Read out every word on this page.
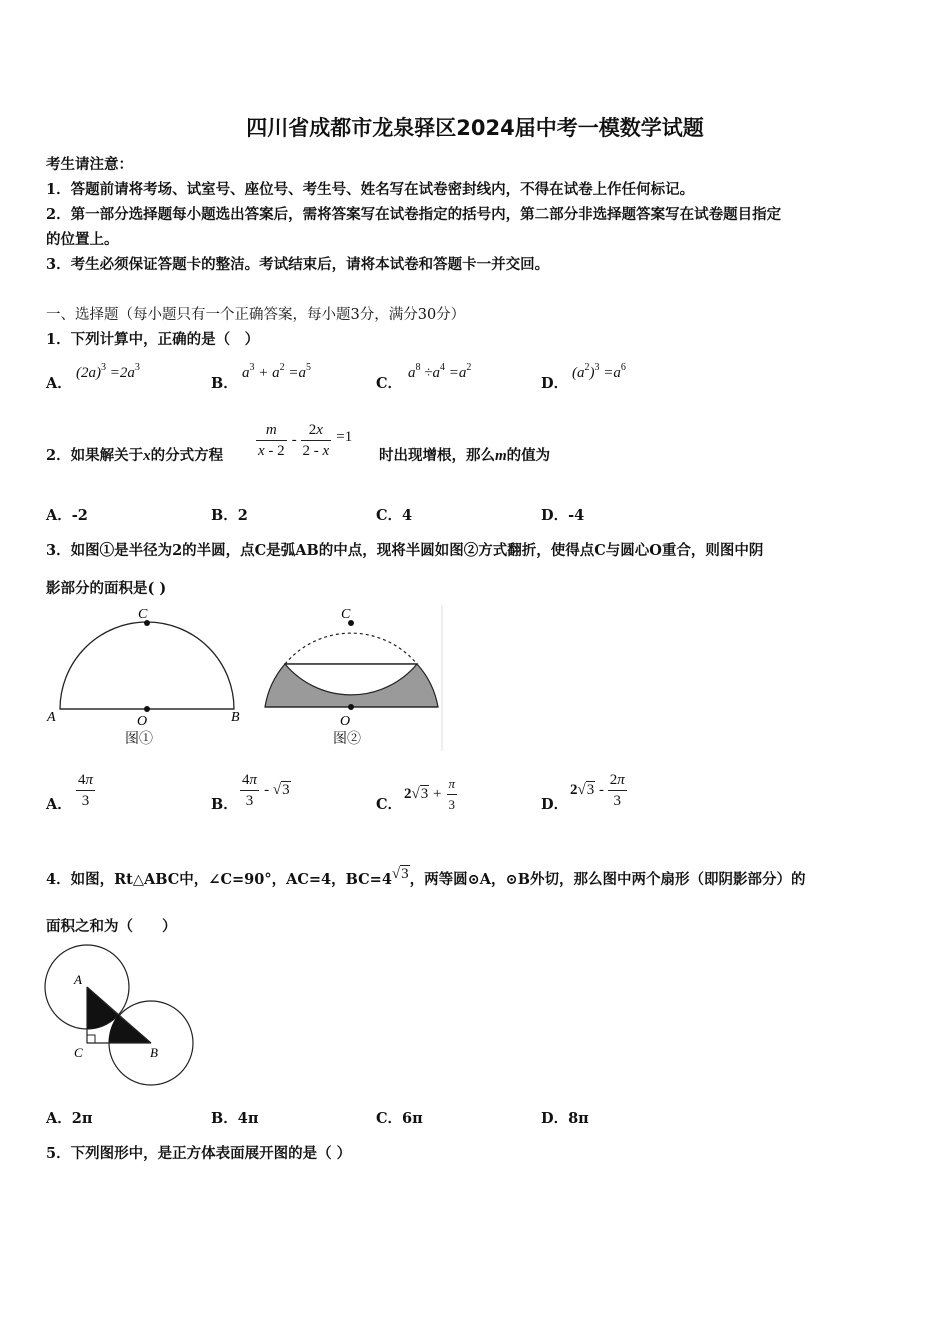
四川省成都市龙泉驿区2024届中考一模数学试题
考生请注意：
1．答题前请将考场、试室号、座位号、考生号、姓名写在试卷密封线内，不得在试卷上作任何标记。
2．第一部分选择题每小题选出答案后，需将答案写在试卷指定的括号内，第二部分非选择题答案写在试卷题目指定
的位置上。
3．考生必须保证答题卡的整洁。考试结束后，请将本试卷和答题卡一并交回。
一、选择题（每小题只有一个正确答案，每小题3分，满分30分）
1．下列计算中，正确的是（　）
A．
$(2a)^3 =2a^3$
B．
$a^3 + a^2 =a^5$
C．
$a^8 \div a^4 =a^2$
D．
$(a^2)^3 =a^6$
2．如果解关于x的分式方程 $\frac{m}{x - 2} - \frac{2x}{2 - x} =1$
时出现增根，那么m的值为
A．-2	B．2	C．4	D．-4
3．如图①是半径为2的半圆，点C是弧AB的中点，现将半圆如图②方式翻折，使得点C与圆心O重合，则图中阴
影部分的面积是( )
C
A	O	B
图①
C
O
图②
A． $\frac{4\pi}{3}$	B． $\frac{4\pi}{3} - √3$
C．
$2√3 + \frac{\pi}{3}$	D．
$2√3 - \frac{2\pi}{3}$
4．如图，Rt△ABC中，∠C=90°，AC=4，BC=4√3，两等圆⊙A，⊙B外切，那么图中两个扇形（即阴影部分）的
面积之和为（　　）
A
C	B
A．2π	B．4π	C．6π	D．8π
5．下列图形中，是正方体表面展开图的是（ ）
